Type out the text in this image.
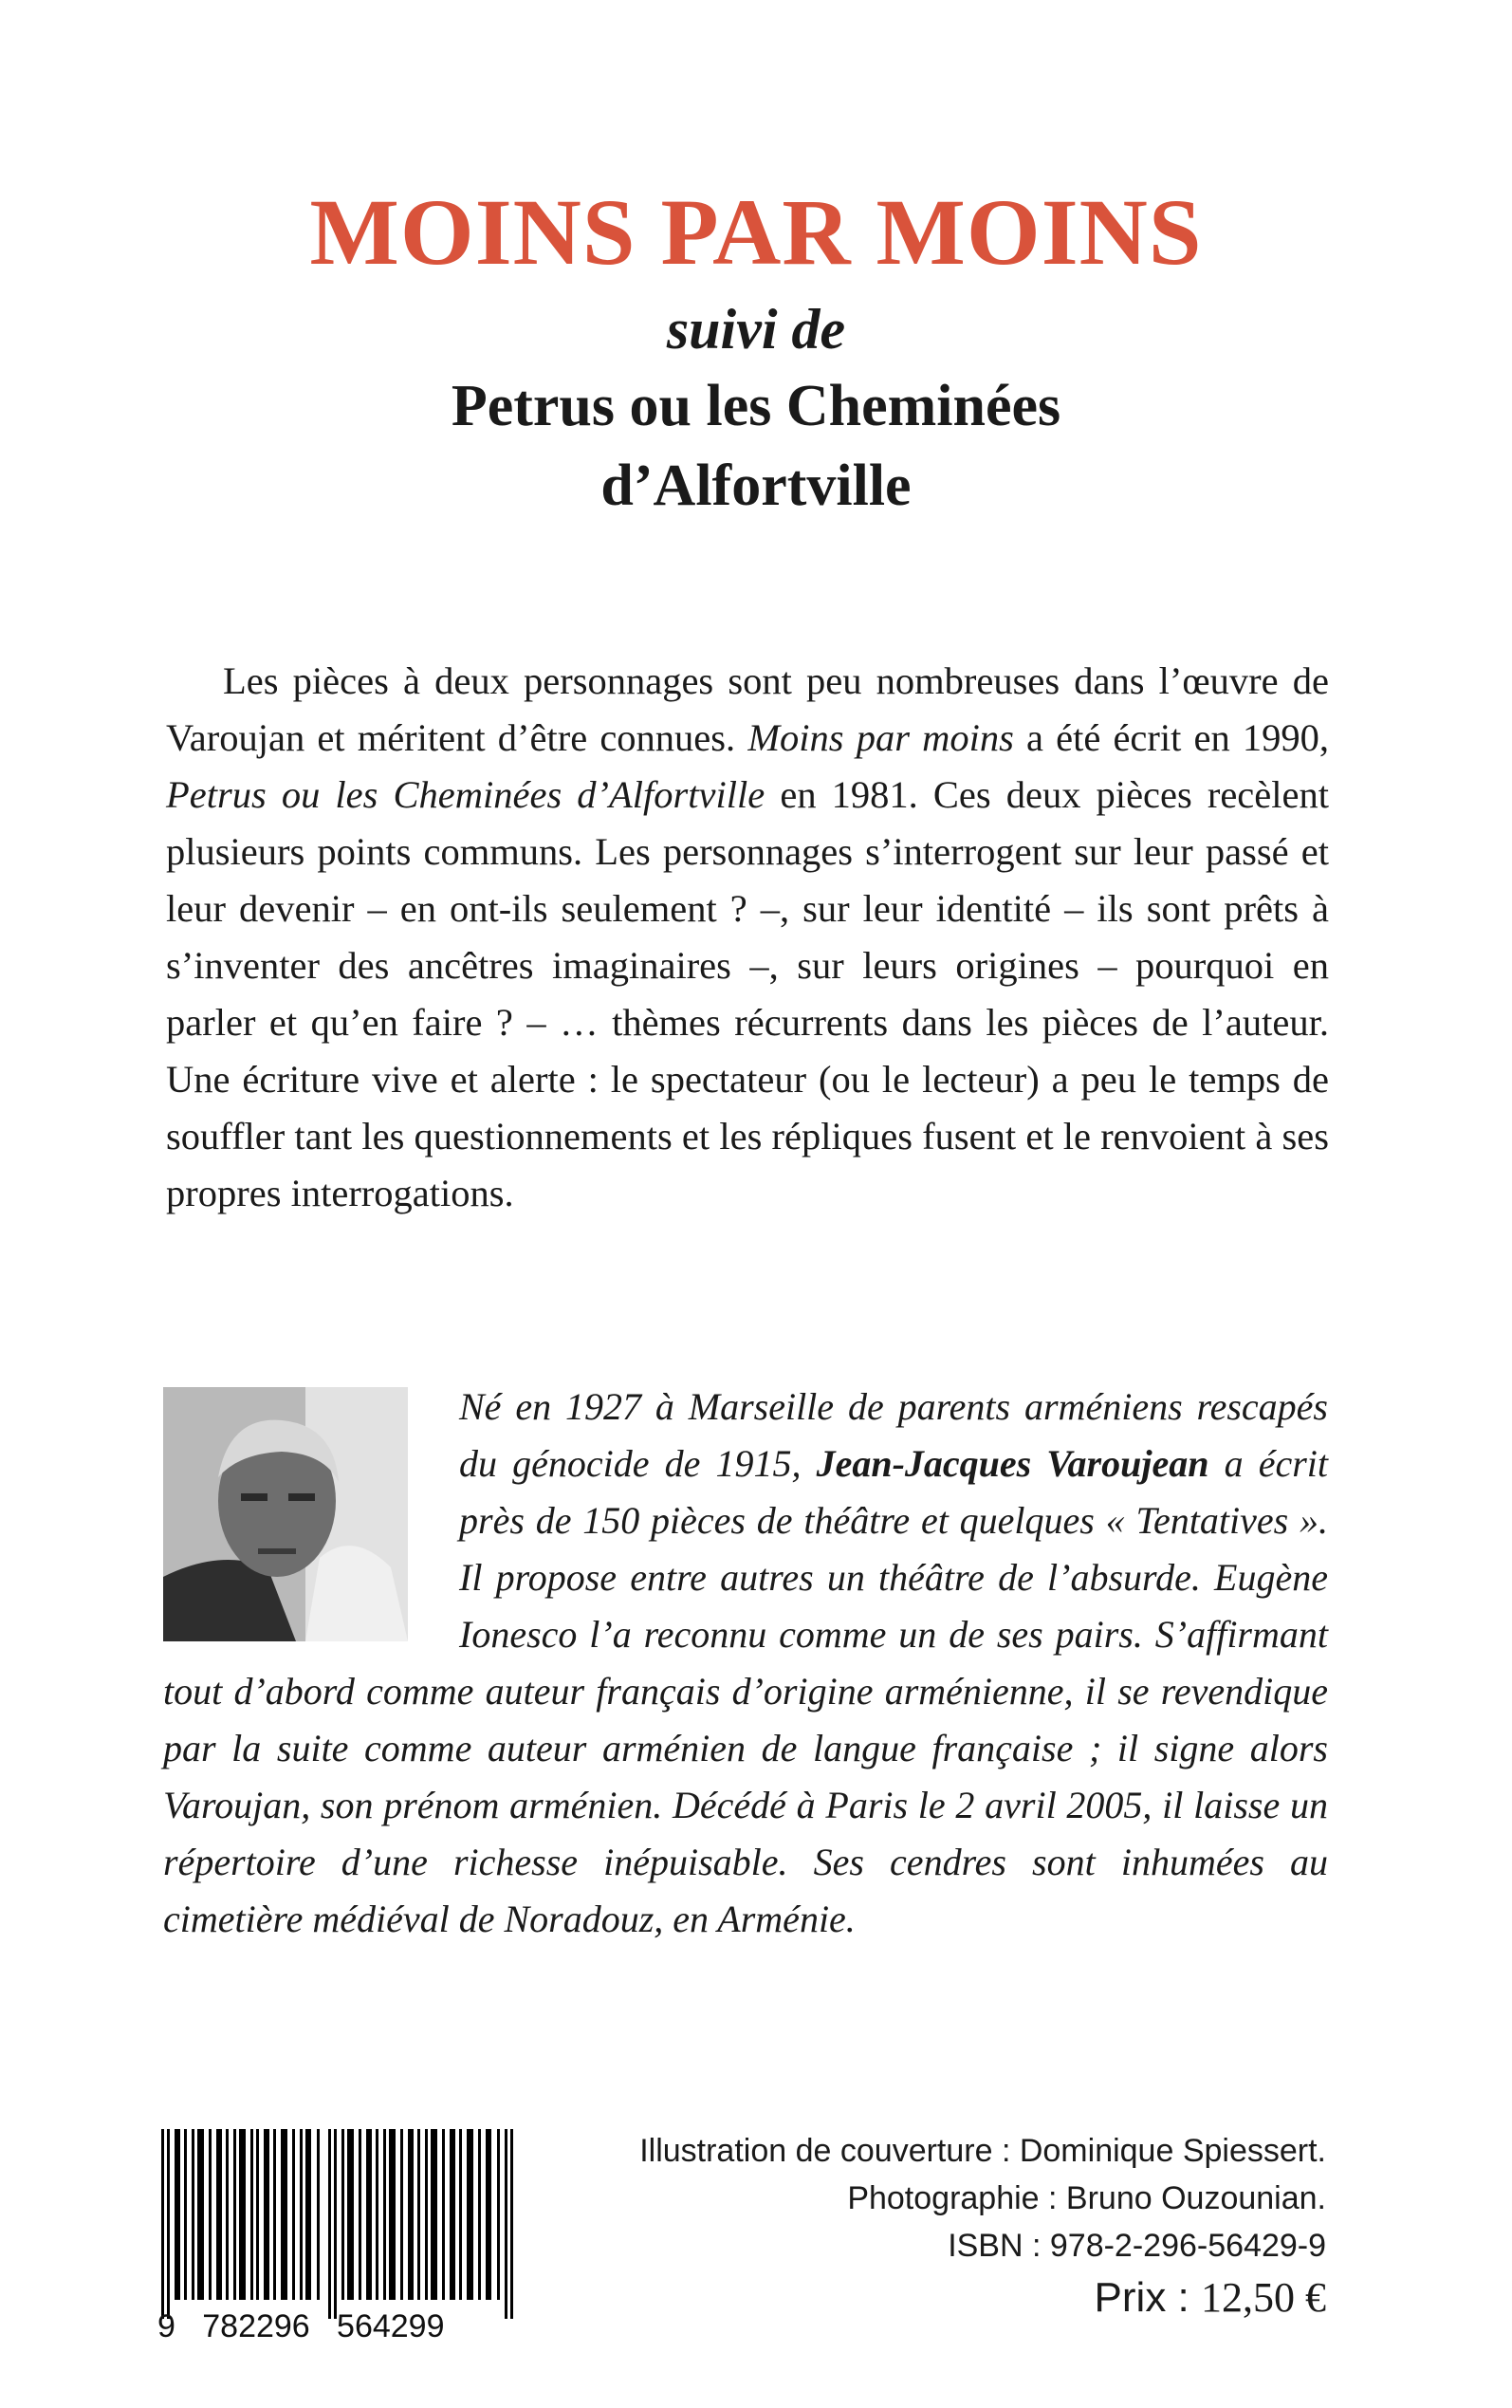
MOINS PAR MOINS
suivi de
Petrus ou les Cheminées
d’Alfortville
Les pièces à deux personnages sont peu nombreuses dans l’œuvre de Varoujan et méritent d’être connues. Moins par moins a été écrit en 1990, Petrus ou les Cheminées d’Alfortville en 1981. Ces deux pièces recèlent plusieurs points communs. Les personnages s’interrogent sur leur passé et leur devenir – en ont-ils seulement ? –, sur leur identité – ils sont prêts à s’inventer des ancêtres imaginaires –, sur leurs origines – pourquoi en parler et qu’en faire ? – … thèmes récurrents dans les pièces de l’auteur. Une écriture vive et alerte : le spectateur (ou le lecteur) a peu le temps de souffler tant les questionnements et les répliques fusent et le renvoient à ses propres interrogations.
Né en 1927 à Marseille de parents arméniens rescapés du génocide de 1915, Jean-Jacques Varoujean a écrit près de 150 pièces de théâtre et quelques « Tentatives ». Il propose entre autres un théâtre de l’absurde. Eugène Ionesco l’a reconnu comme un de ses pairs. S’affirmant tout d’abord comme auteur français d’origine arménienne, il se revendique par la suite comme auteur arménien de langue française ; il signe alors Varoujan, son prénom arménien. Décédé à Paris le 2 avril 2005, il laisse un répertoire d’une richesse inépuisable. Ses cendres sont inhumées au cimetière médiéval de Noradouz, en Arménie.
9   782296   564299
Illustration de couverture : Dominique Spiessert.
Photographie : Bruno Ouzounian.
ISBN : 978-2-296-56429-9
Prix : 12,50 €
